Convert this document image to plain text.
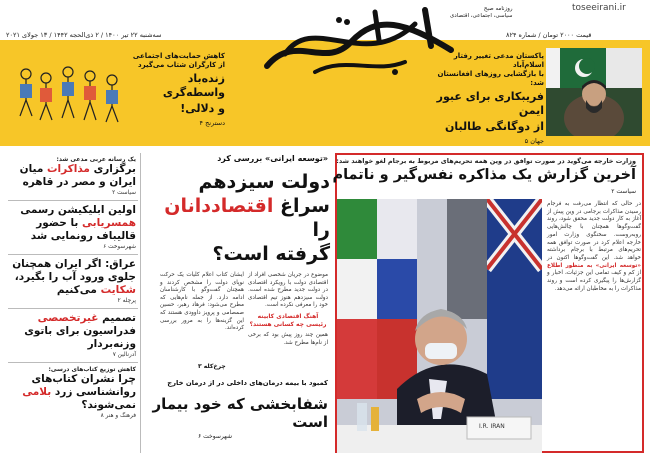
toseeirani.ir
قیمت ۲۰۰۰ تومان / شماره ۸۲۴
سه‌شنبه ۲۲ تیر ۱۴۰۰ / ۲ ذی‌الحجه ۱۴۴۲ / ۱۳ جولای ۲۰۲۱
روزنامه صبح
سیاسی، اجتماعی، اقتصادی
پاکستان مدعی تغییر رفتار اسلام‌آباد
با بازگشایی روزهای افغانستان شد:
فریبکاری برای عبور ایمن
از دوگانگی طالبان
جهان ۵
کاهش حمایت‌های اجتماعی
از کارگران شتاب می‌گیرد
زنده‌باد واسطه‌گری
و دلالی!
دسترنج ۴
وزارت خارجه می‌گوید در صورت توافق در وین همه تحریم‌های مربوط به برجام لغو خواهند شد:
آخرین گزارش یک مذاکره نفس‌گیر و ناتمام
سیاست ۲
I.R. IRAN
در حالی که انتظار می‌رفت به فرجام رسیدن مذاکرات برجامی در وین پیش از آغاز به کار دولت جدید محقق شود، روند گفت‌وگوها همچنان با چالش‌هایی روبه‌روست. سخنگوی وزارت امور خارجه اعلام کرد در صورت توافق همه تحریم‌های مرتبط با برجام برداشته خواهد شد. این گفت‌وگوها اکنون در «توسعه ایرانی» به منظور اطلاع از کم و کیف تمامی این جزئیات، اخبار و گزارش‌ها را پیگیری کرده است و روند مذاکرات را به مخاطبان ارائه می‌دهد.
«توسعه ایرانی» بررسی کرد
دولت سیزدهم
سراغ اقتصاددانان را
گرفته است؟
موضوع در جریان شخصی افراد از اقتصادی دولت با رویکرد اقتصادی در دولت جدید مطرح شده است. دولت سیزدهم هنوز تیم اقتصادی خود را معرفی نکرده است.
آهنگ اقتصادی کابینه رئیسی چه کسانی هستند؟
همین چند روز پیش بود که برخی از نام‌ها مطرح شد.
ایشان کتاب اعلام کلیات یک حرکت نوپای دولت را مشخص کردند و همچنان گفت‌وگو با کارشناسان ادامه دارد. از جمله نام‌هایی که مطرح می‌شود: فرهاد رهبر، حسین صمصامی و پرویز داوودی هستند که این گزینه‌ها را به مرور بررسی کرده‌اند.
چرخ‌کله ۳
کمبود با بیمه درمان‌های داخلی در از درمان خارج
شفابخشی که خود بیمار است
شهرسوخت ۶
یک رسانه عربی مدعی شد:
برگزاری مذاکرات میان ایران و مصر در قاهره
سیاست ۲
اولین ابلیکیشن رسمی همسریابی با حضور قالیباف رونمایی شد
شهرسوخت ۶
عراق: اگر ایران همچنان جلوی ورود آب را بگیرد، شکایت می‌کنیم
پرچله ۲
تصمیم غیرتخصصی فدراسیون برای باتوی وزنه‌بردار
آدرنالین ۷
کاهش توزیع کتاب‌های درسی:
چرا نشران کتاب‌های روانشناسی زرد بلامی نمی‌شوند؟
فرهنگ و هنر ۸
